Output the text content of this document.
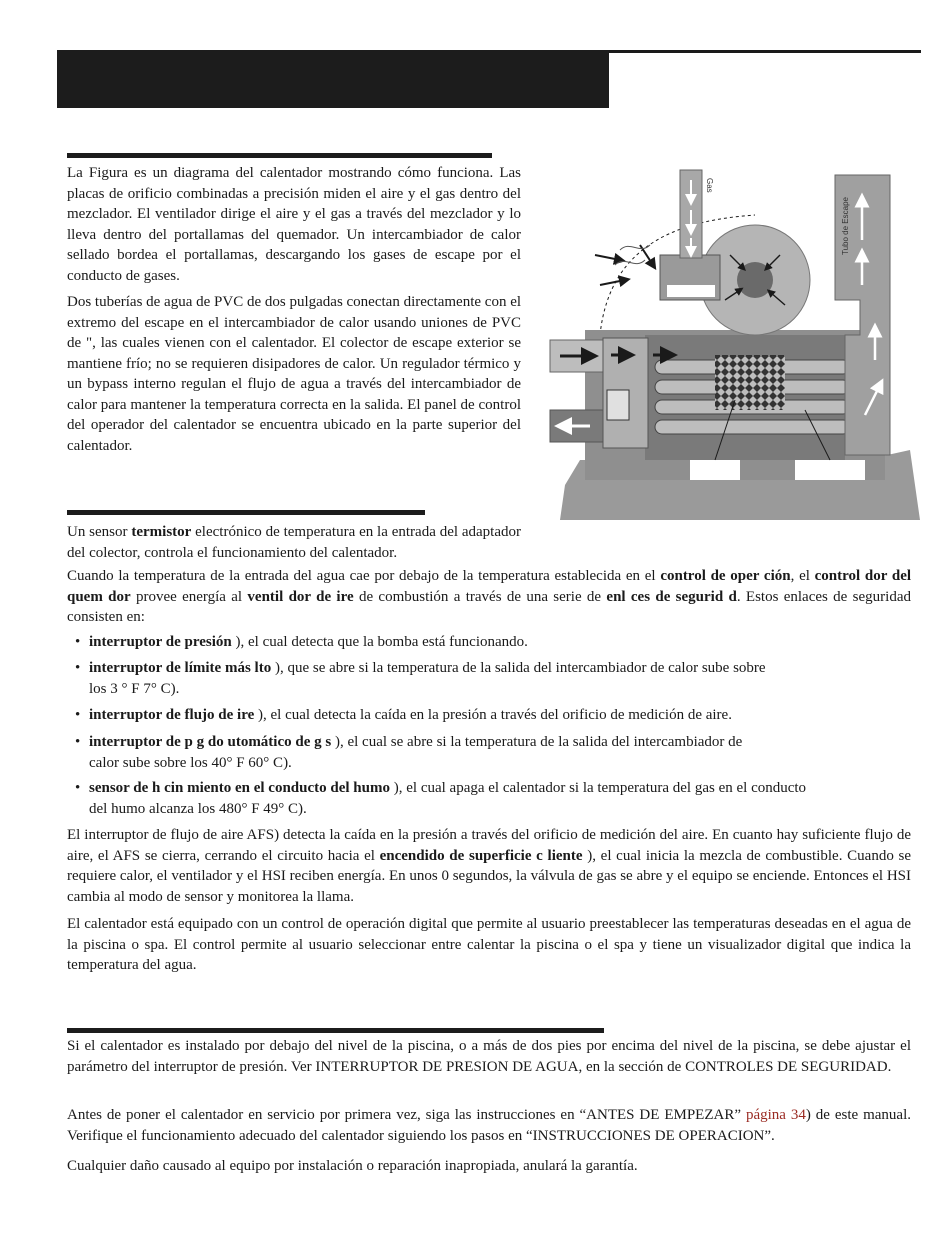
La Figura es un diagrama del calentador mostrando cómo funciona. Las placas de orificio combinadas a precisión miden el aire y el gas dentro del mezclador. El ventilador dirige el aire y el gas a través del mezclador y lo lleva dentro del portallamas del quemador. Un intercambiador de calor sellado bordea el portallamas, descargando los gases de escape por el conducto de gases.

Dos tuberías de agua de PVC de dos pulgadas conectan directamente con el extremo del escape en el intercambiador de calor usando uniones de PVC de ", las cuales vienen con el calentador. El colector de escape exterior se mantiene frío; no se requieren disipadores de calor. Un regulador térmico y un bypass interno regulan el flujo de agua a través del intercambiador de calor para mantener la temperatura correcta en la salida. El panel de control del operador del calentador se encuentra ubicado en la parte superior del calentador.

Gas
Tubo de Escape

Un sensor termistor electrónico de temperatura en la entrada del adaptador del colector, controla el funcionamiento del calentador.

Cuando la temperatura de la entrada del agua cae por debajo de la temperatura establecida en el control de oper ción, el control dor del quem dor provee energía al ventil dor de ire de combustión a través de una serie de enl ces de segurid d. Estos enlaces de seguridad consisten en:

• interruptor de presión ), el cual detecta que la bomba está funcionando.

• interruptor de límite más lto ), que se abre si la temperatura de la salida del intercambiador de calor sube sobre
los 3 ° F 7° C).

• interruptor de flujo de ire ), el cual detecta la caída en la presión a través del orificio de medición de aire.

• interruptor de p g do utomático de g s ), el cual se abre si la temperatura de la salida del intercambiador de
calor sube sobre los 40° F 60° C).

• sensor de h cin miento en el conducto del humo ), el cual apaga el calentador si la temperatura del gas en el conducto
del humo alcanza los 480° F 49° C).

El interruptor de flujo de aire AFS) detecta la caída en la presión a través del orificio de medición del aire. En cuanto hay suficiente flujo de aire, el AFS se cierra, cerrando el circuito hacia el encendido de superficie c liente ), el cual inicia la mezcla de combustible. Cuando se requiere calor, el ventilador y el HSI reciben energía. En unos 0 segundos, la válvula de gas se abre y el equipo se enciende. Entonces el HSI cambia al modo de sensor y monitorea la llama.

El calentador está equipado con un control de operación digital que permite al usuario preestablecer las temperaturas deseadas en el agua de la piscina o spa. El control permite al usuario seleccionar entre calentar la piscina o el spa y tiene un visualizador digital que indica la temperatura del agua.

Si el calentador es instalado por debajo del nivel de la piscina, o a más de dos pies por encima del nivel de la piscina, se debe ajustar el parámetro del interruptor de presión. Ver INTERRUPTOR DE PRESION DE AGUA, en la sección de CONTROLES DE SEGURIDAD.

Antes de poner el calentador en servicio por primera vez, siga las instrucciones en “ANTES DE EMPEZAR” página 34) de este manual. Verifique el funcionamiento adecuado del calentador siguiendo los pasos en “INSTRUCCIONES DE OPERACION”.

Cualquier daño causado al equipo por instalación o reparación inapropiada, anulará la garantía.
